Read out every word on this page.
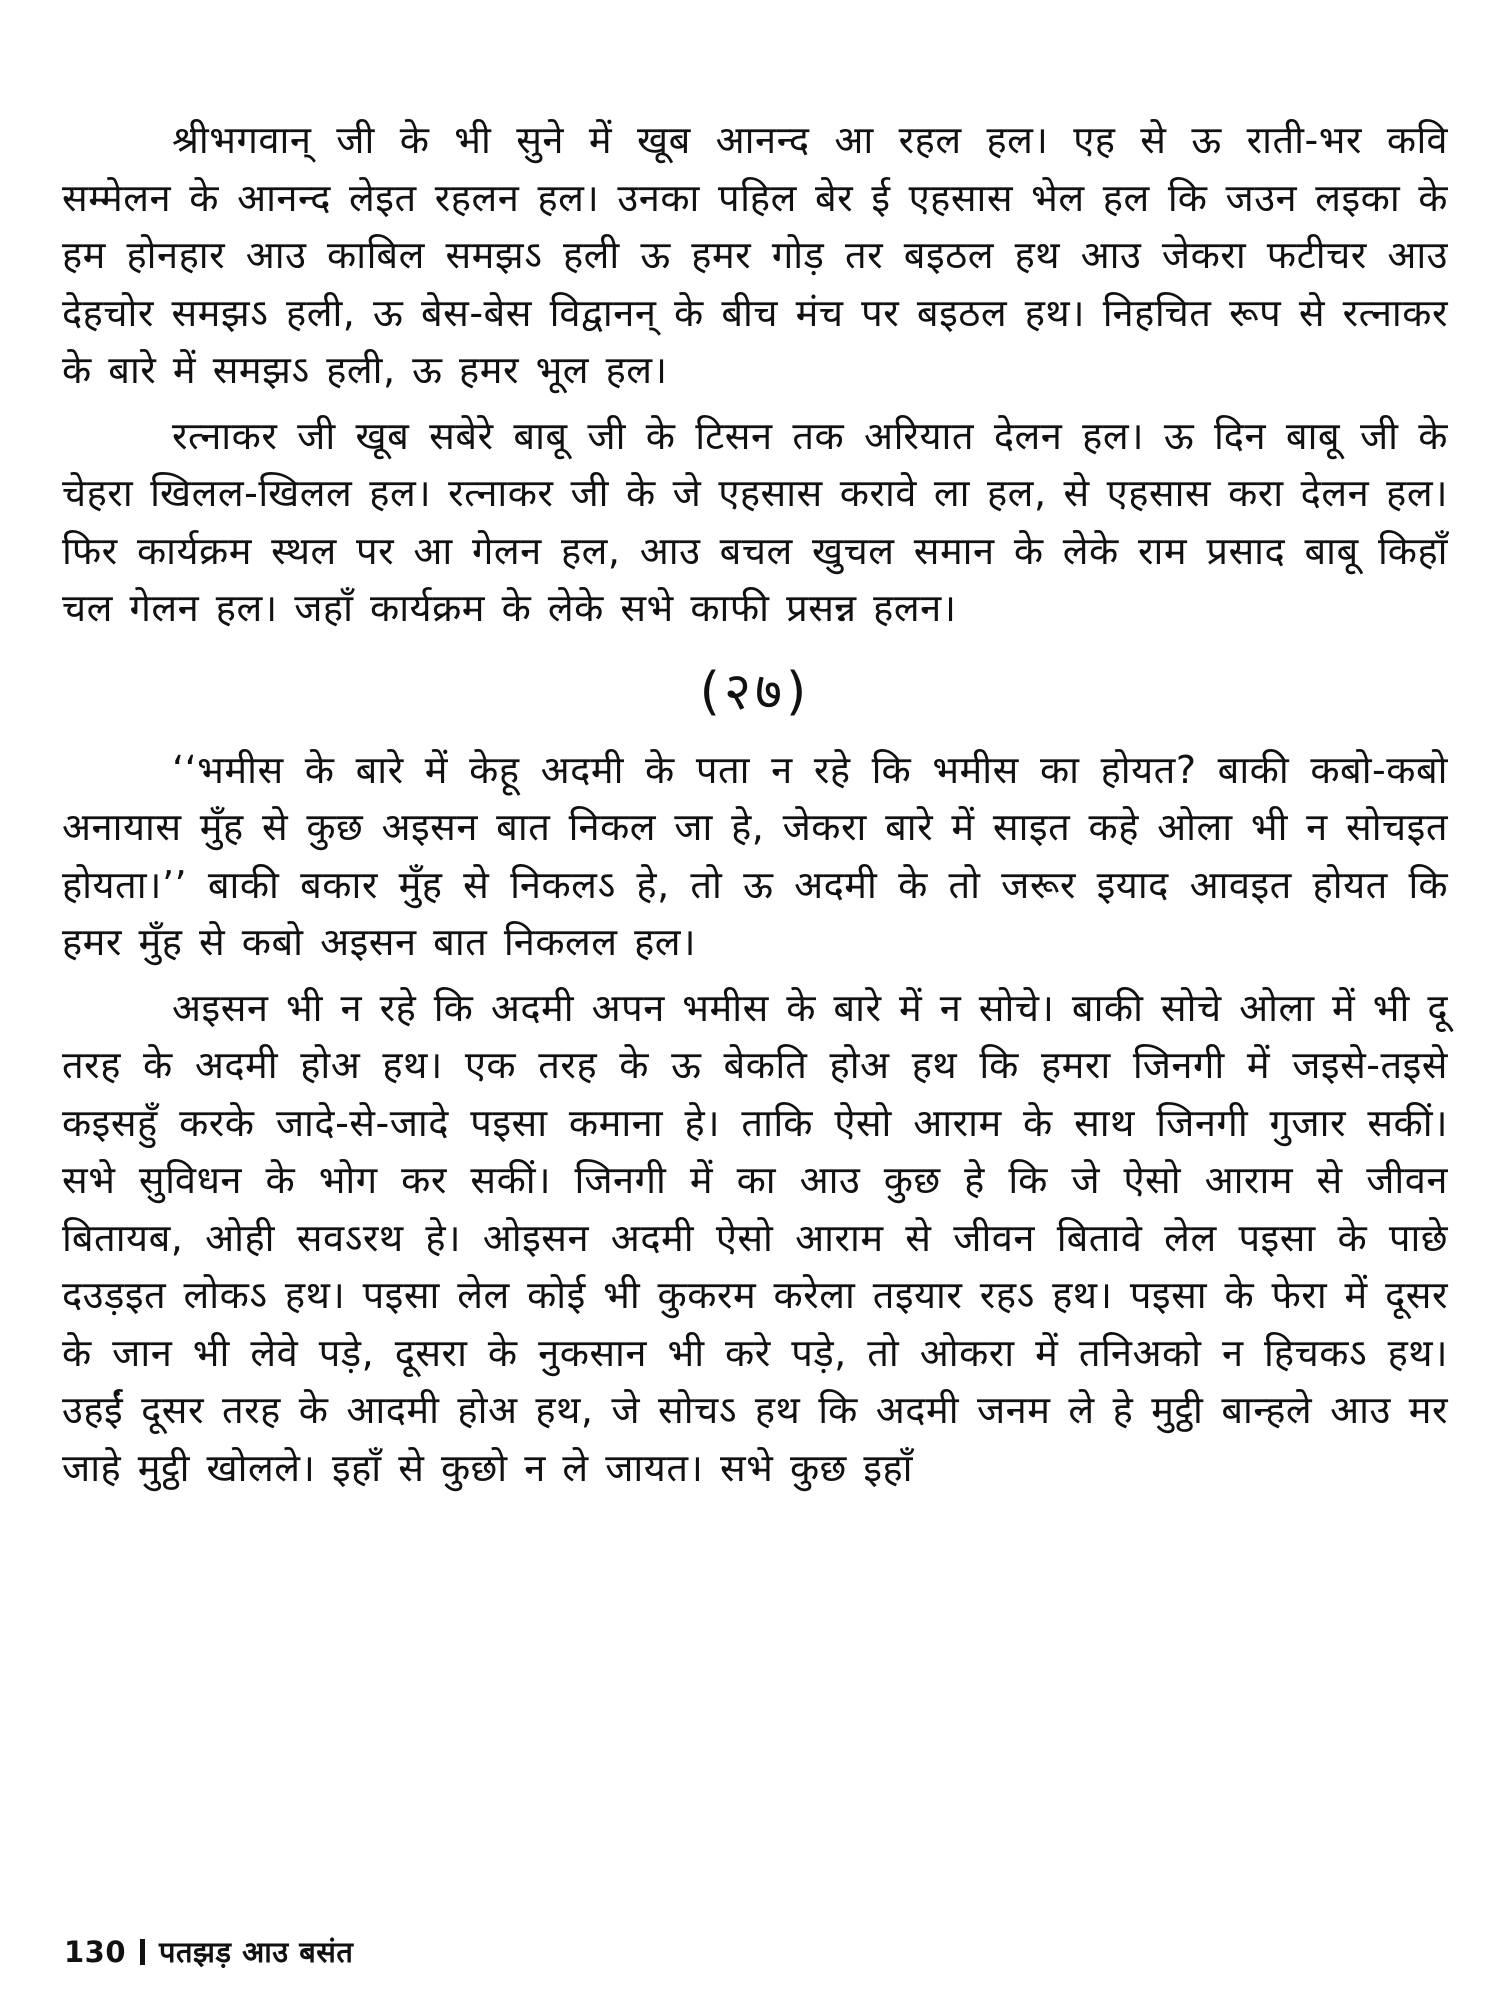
श्रीभगवान् जी के भी सुने में खूब आनन्द आ रहल हल। एह से ऊ राती-भर कवि सम्मेलन के आनन्द लेइत रहलन हल। उनका पहिल बेर ई एहसास भेल हल कि जउन लइका के हम होनहार आउ काबिल समझऽ हली ऊ हमर गोड़ तर बइठल हथ आउ जेकरा फटीचर आउ देहचोर समझऽ हली, ऊ बेस-बेस विद्वानन् के बीच मंच पर बइठल हथ। निहचित रूप से रत्नाकर के बारे में समझऽ हली, ऊ हमर भूल हल।

रत्नाकर जी खूब सबेरे बाबू जी के टिसन तक अरियात देलन हल। ऊ दिन बाबू जी के चेहरा खिलल-खिलल हल। रत्नाकर जी के जे एहसास करावे ला हल, से एहसास करा देलन हल। फिर कार्यक्रम स्थल पर आ गेलन हल, आउ बचल खुचल समान के लेके राम प्रसाद बाबू किहाँ चल गेलन हल। जहाँ कार्यक्रम के लेके सभे काफी प्रसन्न हलन।

(२७)

‘‘भमीस के बारे में केहू अदमी के पता न रहे कि भमीस का होयत? बाकी कबो-कबो अनायास मुँह से कुछ अइसन बात निकल जा हे, जेकरा बारे में साइत कहे ओला भी न सोचइत होयता।’’ बाकी बकार मुँह से निकलऽ हे, तो ऊ अदमी के तो जरूर इयाद आवइत होयत कि हमर मुँह से कबो अइसन बात निकलल हल।

अइसन भी न रहे कि अदमी अपन भमीस के बारे में न सोचे। बाकी सोचे ओला में भी दू तरह के अदमी होअ हथ। एक तरह के ऊ बेकति होअ हथ कि हमरा जिनगी में जइसे-तइसे कइसहुँ करके जादे-से-जादे पइसा कमाना हे। ताकि ऐसो आराम के साथ जिनगी गुजार सकीं। सभे सुविधन के भोग कर सकीं। जिनगी में का आउ कुछ हे कि जे ऐसो आराम से जीवन बितायब, ओही सवऽरथ हे। ओइसन अदमी ऐसो आराम से जीवन बितावे लेल पइसा के पाछे दउड़इत लोकऽ हथ। पइसा लेल कोई भी कुकरम करेला तइयार रहऽ हथ। पइसा के फेरा में दूसर के जान भी लेवे पड़े, दूसरा के नुकसान भी करे पड़े, तो ओकरा में तनिअको न हिचकऽ हथ। उहईं दूसर तरह के आदमी होअ हथ, जे सोचऽ हथ कि अदमी जनम ले हे मुट्ठी बान्हले आउ मर जाहे मुट्ठी खोलले। इहाँ से कुछो न ले जायत। सभे कुछ इहाँ

130 पतझड़ आउ बसंत
